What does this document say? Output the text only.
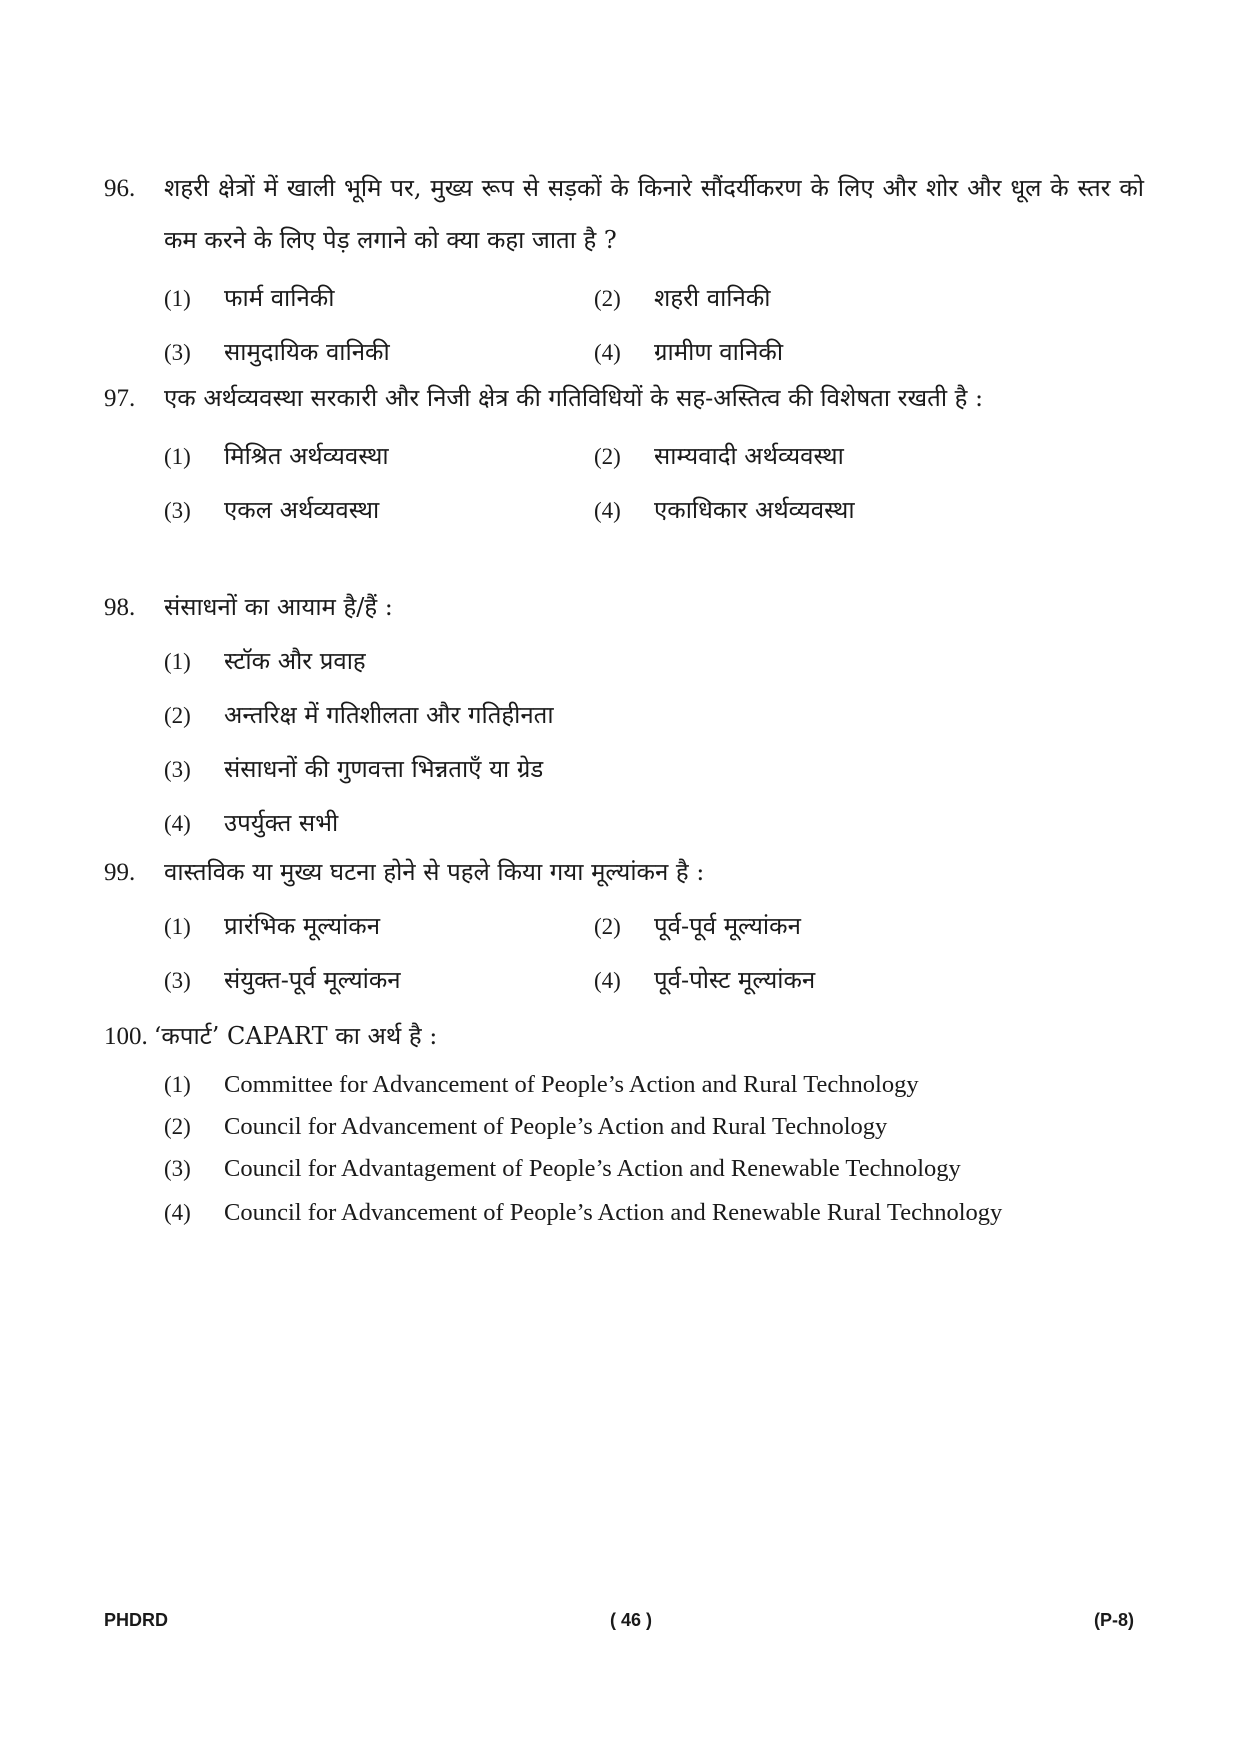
96.	शहरी क्षेत्रों में खाली भूमि पर, मुख्य रूप से सड़कों के किनारे सौंदर्यीकरण के लिए और शोर और धूल के स्तर को कम करने के लिए पेड़ लगाने को क्या कहा जाता है ?
(1)	फार्म वानिकी	(2)	शहरी वानिकी
(3)	सामुदायिक वानिकी	(4)	ग्रामीण वानिकी
97.	एक अर्थव्यवस्था सरकारी और निजी क्षेत्र की गतिविधियों के सह-अस्तित्व की विशेषता रखती है :
(1)	मिश्रित अर्थव्यवस्था	(2)	साम्यवादी अर्थव्यवस्था
(3)	एकल अर्थव्यवस्था	(4)	एकाधिकार अर्थव्यवस्था
98.	संसाधनों का आयाम है/हैं :
(1)	स्टॉक और प्रवाह
(2)	अन्तरिक्ष में गतिशीलता और गतिहीनता
(3)	संसाधनों की गुणवत्ता भिन्नताएँ या ग्रेड
(4)	उपर्युक्त सभी
99.	वास्तविक या मुख्य घटना होने से पहले किया गया मूल्यांकन है :
(1)	प्रारंभिक मूल्यांकन	(2)	पूर्व-पूर्व मूल्यांकन
(3)	संयुक्त-पूर्व मूल्यांकन	(4)	पूर्व-पोस्ट मूल्यांकन
100. ‘कपार्ट’ CAPART का अर्थ है :
(1)	Committee for Advancement of People’s Action and Rural Technology
(2)	Council for Advancement of People’s Action and Rural Technology
(3)	Council for Advantagement of People’s Action and Renewable Technology
(4)	Council for Advancement of People’s Action and Renewable Rural Technology
PHDRD	( 46 )	(P-8)
